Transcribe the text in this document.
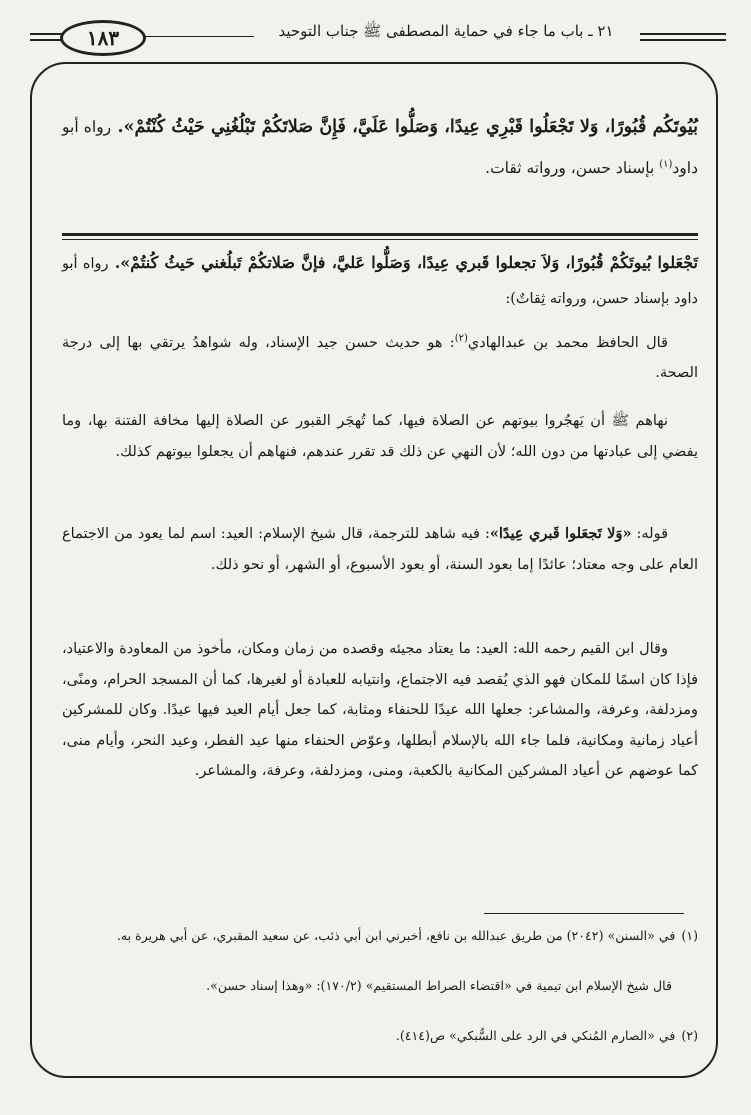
١٨٣	٢١ ـ باب ما جاء في حماية المصطفى ﷺ جناب التوحيد
بُيُوتَكُم قُبُورًا، وَلا تَجْعَلُوا قَبْرِي عِيدًا، وَصَلُّوا عَلَيَّ، فَإِنَّ صَلاتَكُمْ تَبْلُغُنِي حَيْثُ كُنْتُمْ». رواه أبو داود$^{(١)}$ بإسناد حسن، ورواته ثقات.
تَجْعَلوا بُيوتَكُمْ قُبُورًا، وَلاَ تجعلوا قَبري عِيدًا، وَصَلُّوا عَليَّ، فإنَّ صَلاتكُمْ تَبلُغني حَيثُ كُنتُمْ». رواه أبو داود بإسناد حسن، ورواته ثِقاتٌ):
قال الحافظ محمد بن عبدالهادي$^{(٢)}$: هو حديث حسن جيد الإسناد، وله شواهدُ يرتقي بها إلى درجة الصحة.
نهاهم ﷺ أن يَهجُروا بيوتهم عن الصلاة فيها، كما تُهجَر القبور عن الصلاة إليها مخافة الفتنة بها، وما يفضي إلى عبادتها من دون الله؛ لأن النهي عن ذلك قد تقرر عندهم، فنهاهم أن يجعلوا بيوتهم كذلك.
قوله: «وَلا تَجعَلوا قَبري عِيدًا»: فيه شاهد للترجمة، قال شيخ الإسلام: العيد: اسم لما يعود من الاجتماع العام على وجه معتاد؛ عائدًا إما بعود السنة، أو بعود الأسبوع، أو الشهر، أو نحو ذلك.
وقال ابن القيم رحمه الله: العيد: ما يعتاد مجيئه وقصده من زمان ومكان، مأخوذ من المعاودة والاعتياد، فإذا كان اسمًا للمكان فهو الذي يُقصد فيه الاجتماع، وانتيابه للعبادة أو لغيرها، كما أن المسجد الحرام، ومنًى، ومزدلفة، وعرفة، والمشاعر: جعلها الله عيدًا للحنفاء ومثابة، كما جعل أيام العيد فيها عيدًا. وكان للمشركين أعياد زمانية ومكانية، فلما جاء الله بالإسلام أبطلها، وعوّض الحنفاء منها عيد الفطر، وعيد النحر، وأيام منى، كما عوضهم عن أعياد المشركين المكانية بالكعبة، ومنى، ومزدلفة، وعرفة، والمشاعر.
(١)في «السنن» (٢٠٤٢) من طريق عبدالله بن نافع، أخبرني ابن أبي ذئب، عن سعيد المقبري، عن أبي هريرة به.
قال شيخ الإسلام ابن تيمية في «اقتضاء الصراط المستقيم» (١٧٠/٢): «وهذا إسناد حسن».
(٢)في «الصارم المُنكي في الرد على السُّبكي» ص(٤١٤).
